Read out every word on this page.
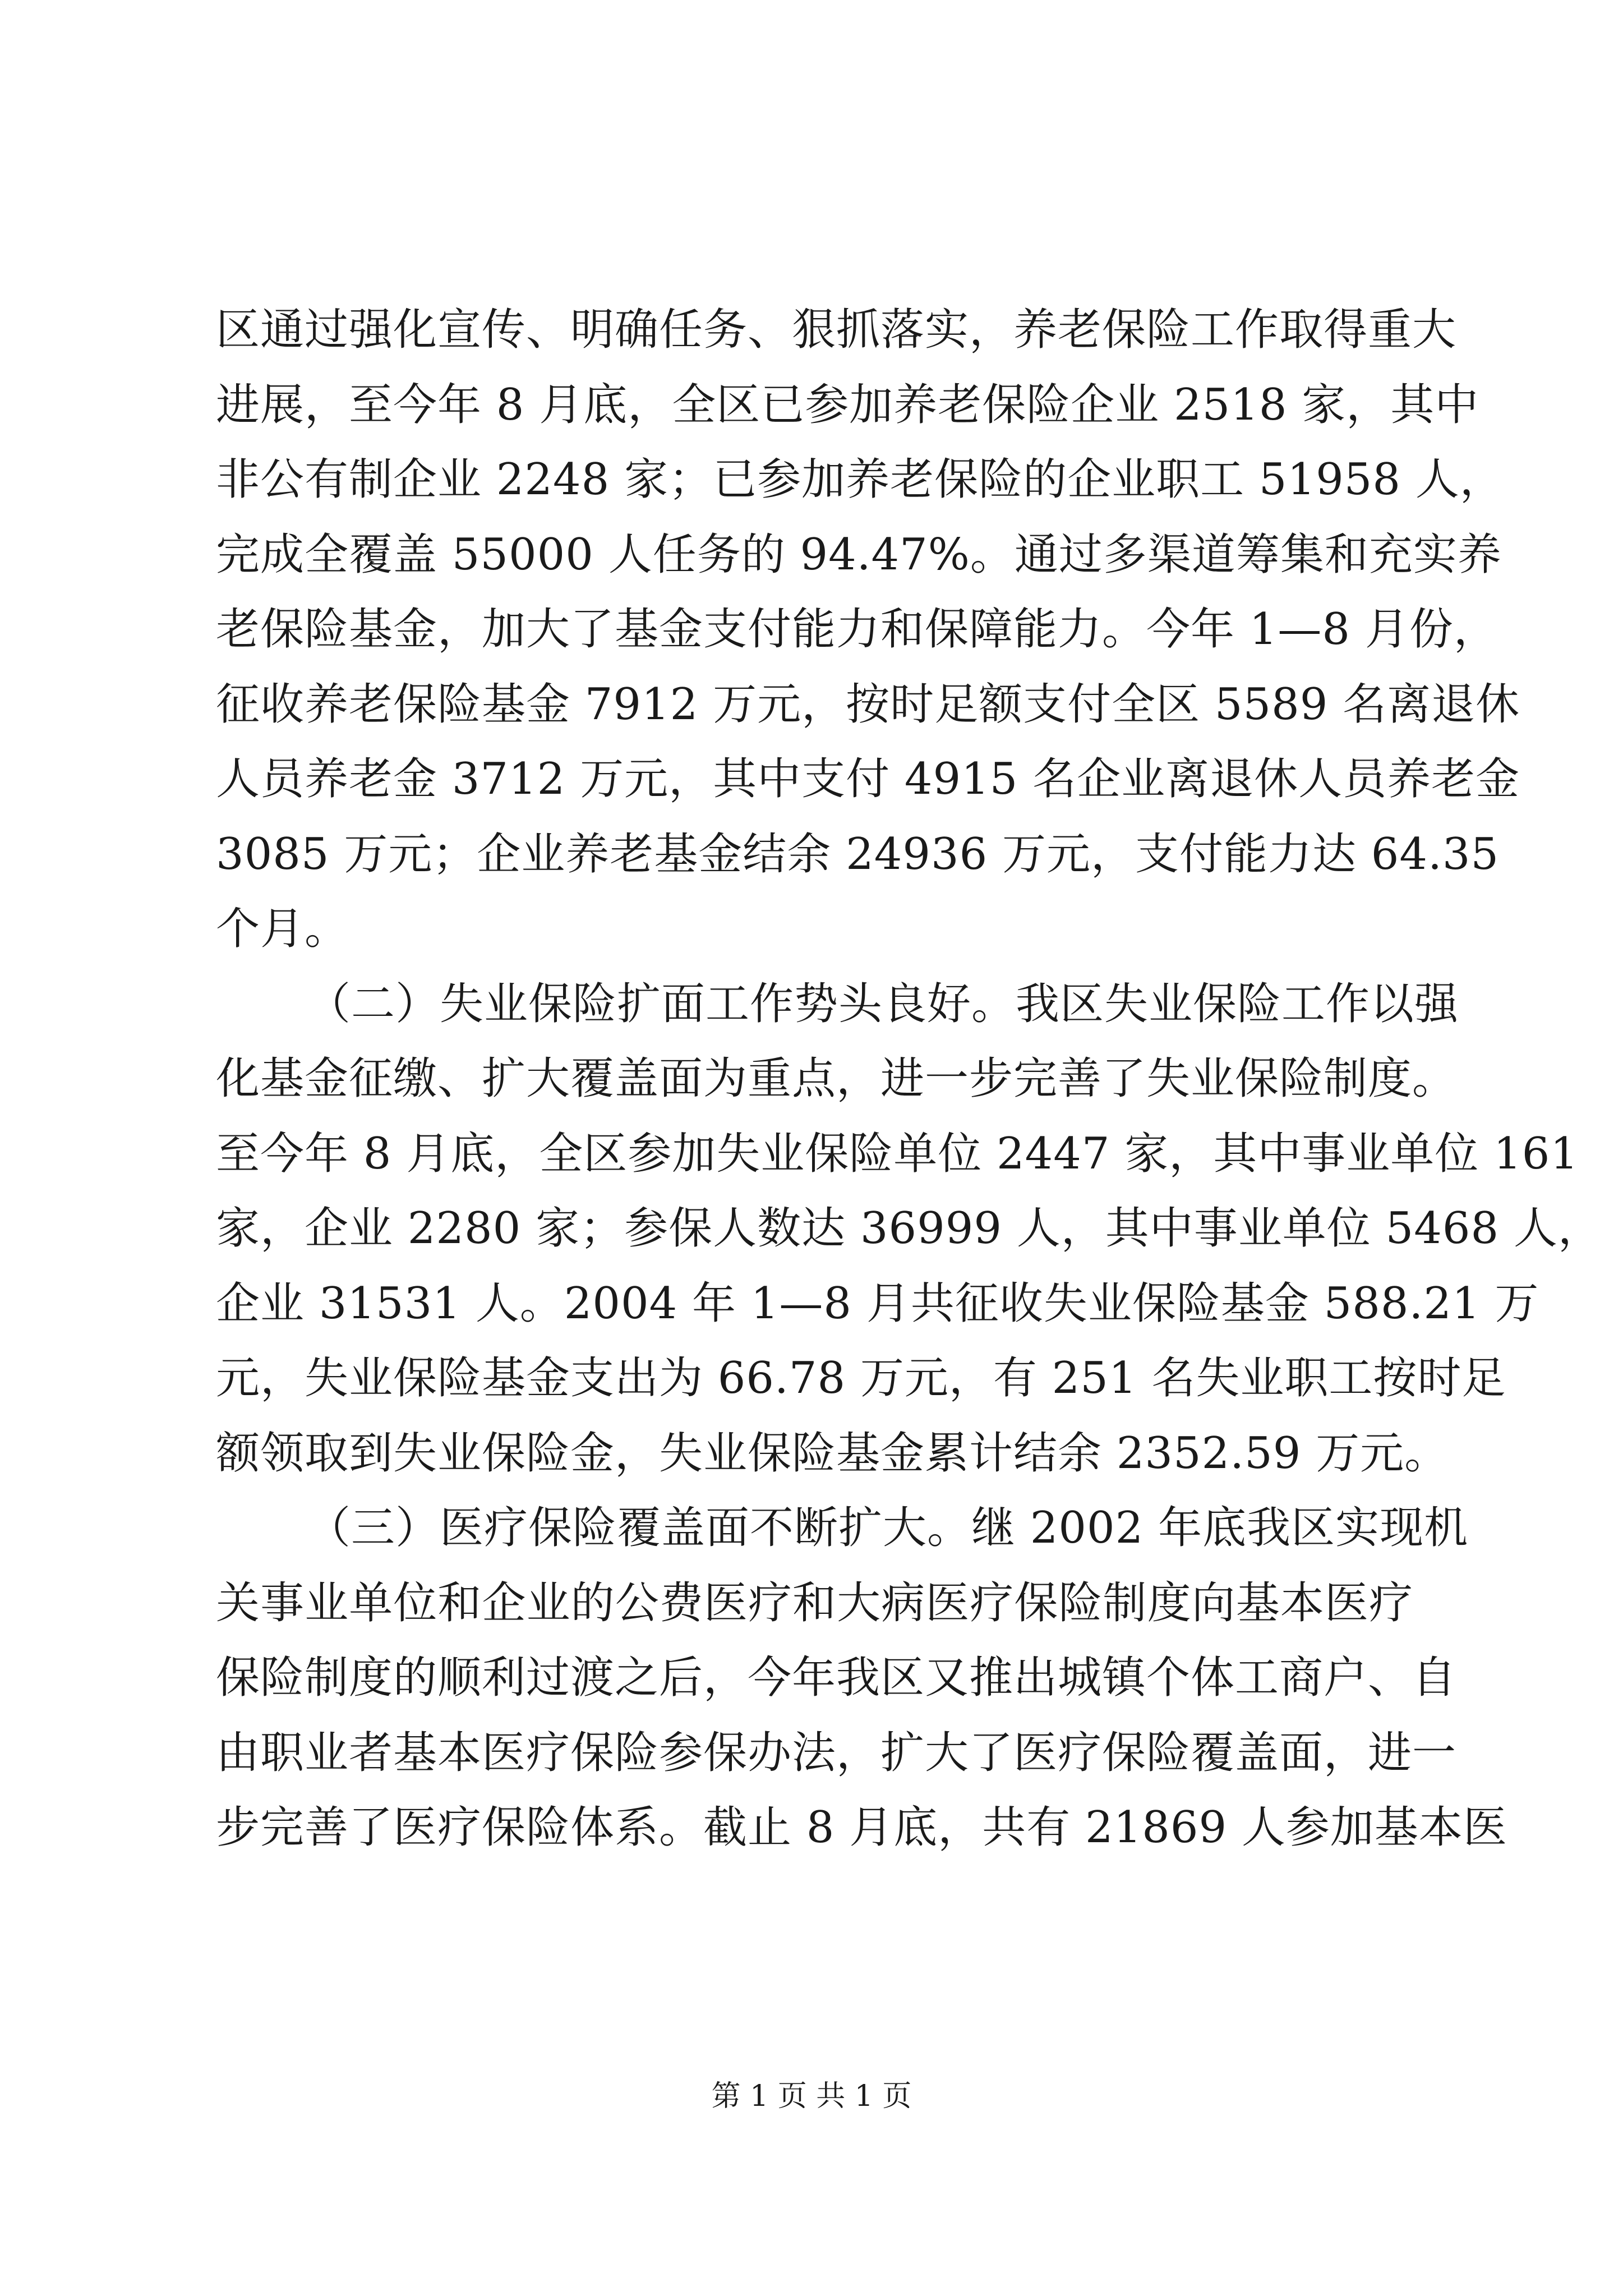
区通过强化宣传、明确任务、狠抓落实，养老保险工作取得重大
进展，至今年 8 月底，全区已参加养老保险企业 2518 家，其中
非公有制企业 2248 家；已参加养老保险的企业职工 51958 人，
完成全覆盖 55000 人任务的 94.47%。通过多渠道筹集和充实养
老保险基金，加大了基金支付能力和保障能力。今年 1—8 月份，
征收养老保险基金 7912 万元，按时足额支付全区 5589 名离退休
人员养老金 3712 万元，其中支付 4915 名企业离退休人员养老金
3085 万元；企业养老基金结余 24936 万元，支付能力达 64.35
个月。
（二）失业保险扩面工作势头良好。我区失业保险工作以强
化基金征缴、扩大覆盖面为重点，进一步完善了失业保险制度。
至今年 8 月底，全区参加失业保险单位 2447 家，其中事业单位 161
家，企业 2280 家；参保人数达 36999 人，其中事业单位 5468 人，
企业 31531 人。2004 年 1—8 月共征收失业保险基金 588.21 万
元，失业保险基金支出为 66.78 万元，有 251 名失业职工按时足
额领取到失业保险金，失业保险基金累计结余 2352.59 万元。
（三）医疗保险覆盖面不断扩大。继 2002 年底我区实现机
关事业单位和企业的公费医疗和大病医疗保险制度向基本医疗
保险制度的顺利过渡之后，今年我区又推出城镇个体工商户、自
由职业者基本医疗保险参保办法，扩大了医疗保险覆盖面，进一
步完善了医疗保险体系。截止 8 月底，共有 21869 人参加基本医
第 1 页 共 1 页
